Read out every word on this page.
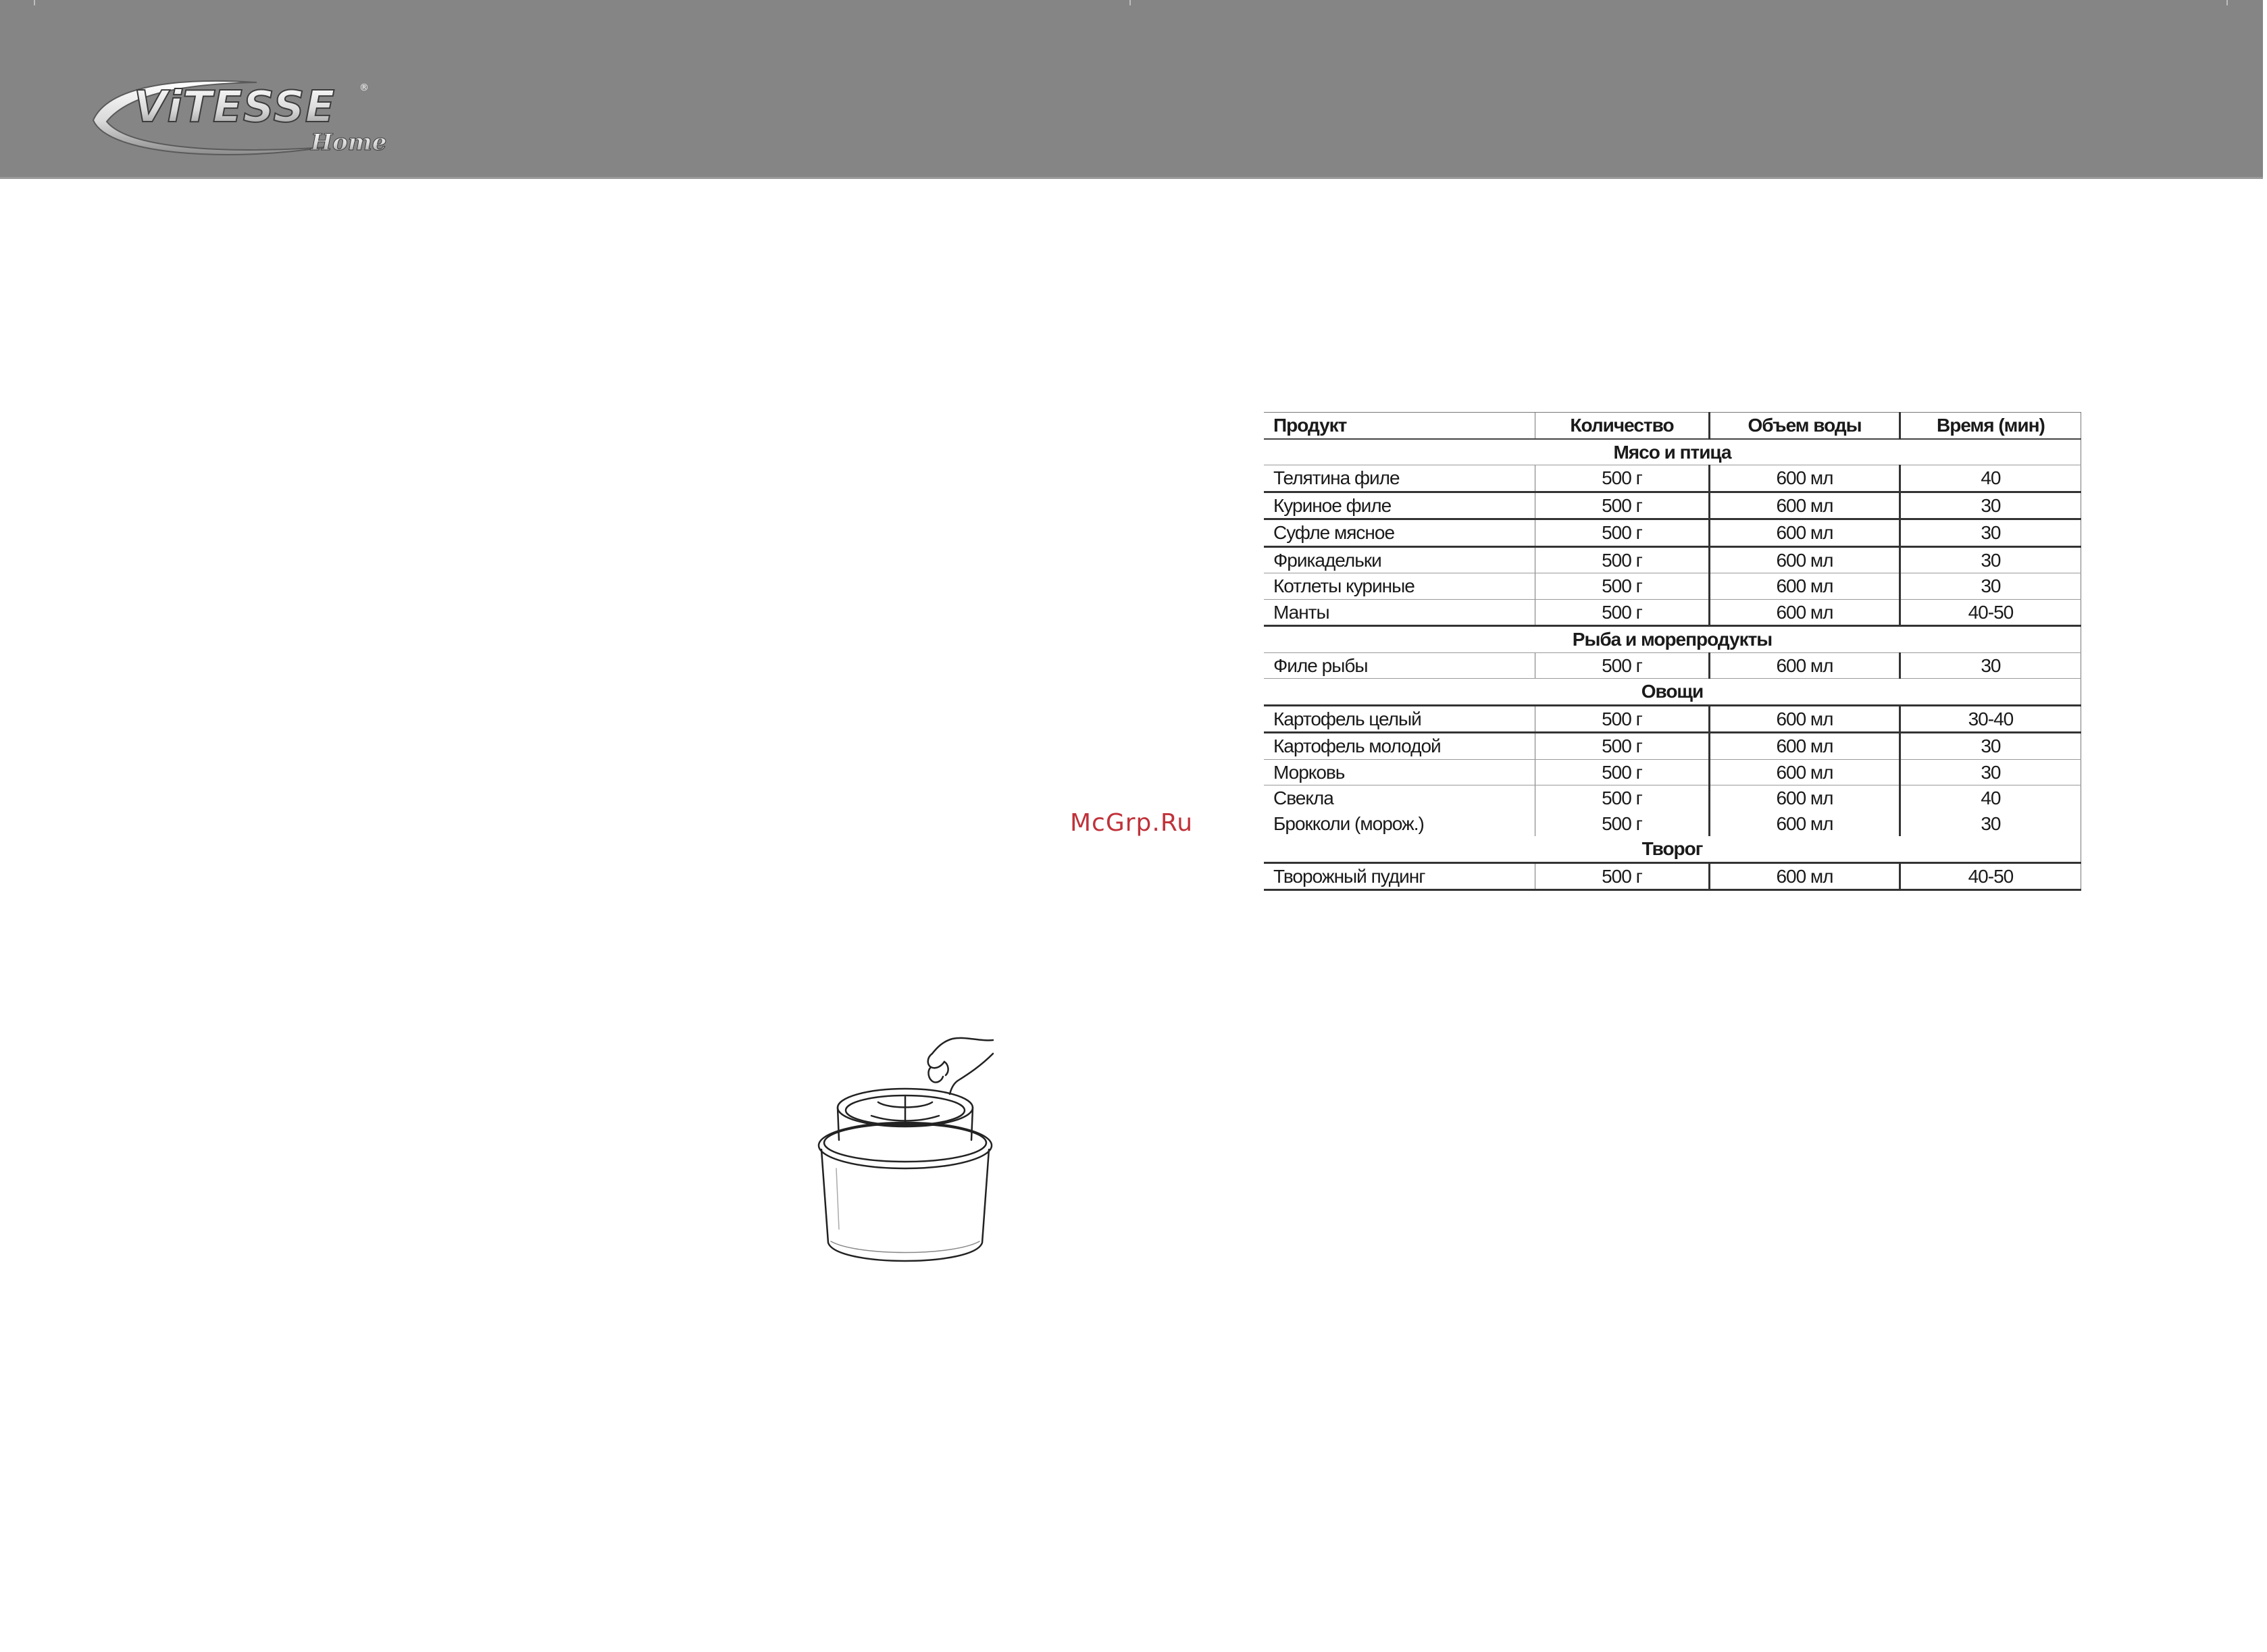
ViTESSE	®
Home
McGrp.Ru
Продукт	Количество	Объем воды	Время (мин)
Мясо и птица			
Телятина филе	500 г	600 мл	40
Куриное филе	500 г	600 мл	30
Суфле мясное	500 г	600 мл	30
Фрикадельки	500 г	600 мл	30
Котлеты куриные	500 г	600 мл	30
Манты	500 г	600 мл	40-50
Рыба и морепродукты			
Филе рыбы	500 г	600 мл	30
Овощи			
Картофель целый	500 г	600 мл	30-40
Картофель молодой	500 г	600 мл	30
Морковь	500 г	600 мл	30
Свекла	500 г	600 мл	40
Брокколи (морож.)	500 г	600 мл	30
Творог			
Творожный пудинг	500 г	600 мл	40-50
